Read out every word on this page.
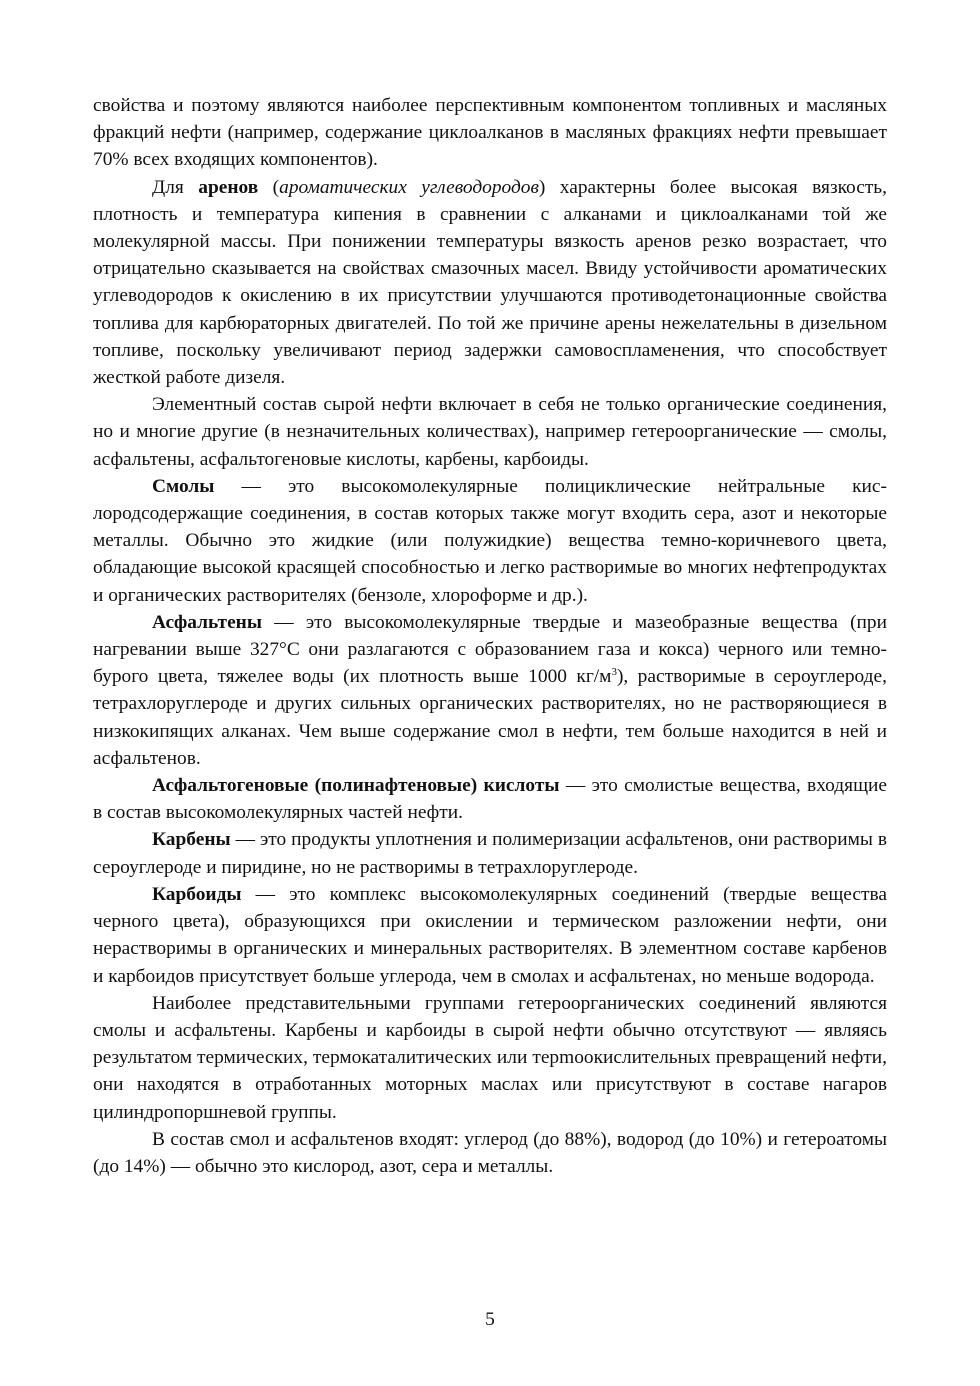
свойства и поэтому являются наиболее перспективным компонентом топливных и масляных фракций нефти (например, содержание циклоалканов в масляных фракциях нефти превышает 70% всех входящих компонентов).

Для аренов (ароматических углеводородов) характерны более высокая вязкость, плотность и температура кипения в сравнении с алканами и циклоалканами той же молекулярной массы. При понижении температуры вязкость аренов резко возрастает, что отрицательно сказывается на свойствах смазочных масел. Ввиду устойчивости ароматических углеводородов к окислению в их присутствии улучшаются противодетонационные свойства топлива для карбюраторных двигателей. По той же причине арены нежелательны в дизельном топливе, поскольку увеличивают период задержки самовоспламенения, что способствует жесткой работе дизеля.

Элементный состав сырой нефти включает в себя не только органические соединения, но и многие другие (в незначительных количествах), например гетероорганические — смолы, асфальтены, асфальтогеновые кислоты, карбены, карбоиды.

Смолы — это высокомолекулярные полициклические нейтральные кислородсодержащие соединения, в состав которых также могут входить сера, азот и некоторые металлы. Обычно это жидкие (или полужидкие) вещества темно-коричневого цвета, обладающие высокой красящей способностью и легко растворимые во многих нефтепродуктах и органических растворителях (бензоле, хлороформе и др.).

Асфальтены — это высокомолекулярные твердые и мазеобразные вещества (при нагревании выше 327°С они разлагаются с образованием газа и кокса) черного или темно-бурого цвета, тяжелее воды (их плотность выше 1000 $кг/м^3$), растворимые в сероуглероде, тетрахлоруглероде и других сильных органических растворителях, но не растворяющиеся в низкокипящих алканах. Чем выше содержание смол в нефти, тем больше находится в ней и асфальтенов.

Асфальтогеновые (полинафтеновые) кислоты — это смолистые вещества, входящие в состав высокомолекулярных частей нефти.

Карбены — это продукты уплотнения и полимеризации асфальтенов, они растворимы в сероуглероде и пиридине, но не растворимы в тетрахлоруглероде.

Карбоиды — это комплекс высокомолекулярных соединений (твердые вещества черного цвета), образующихся при окислении и термическом разложении нефти, они нерастворимы в органических и минеральных растворителях. В элементном составе карбенов и карбоидов присутствует больше углерода, чем в смолах и асфальтенах, но меньше водорода.

Наиболее представительными группами гетероорганических соединений являются смолы и асфальтены. Карбены и карбоиды в сырой нефти обычно отсутствуют — являясь результатом термических, термокаталитических или терmоокислительных превращений нефти, они находятся в отработанных моторных маслах или присутствуют в составе нагаров цилиндропоршневой группы.

В состав смол и асфальтенов входят: углерод (до 88%), водород (до 10%) и гетероатомы (до 14%) — обычно это кислород, азот, сера и металлы.

5
